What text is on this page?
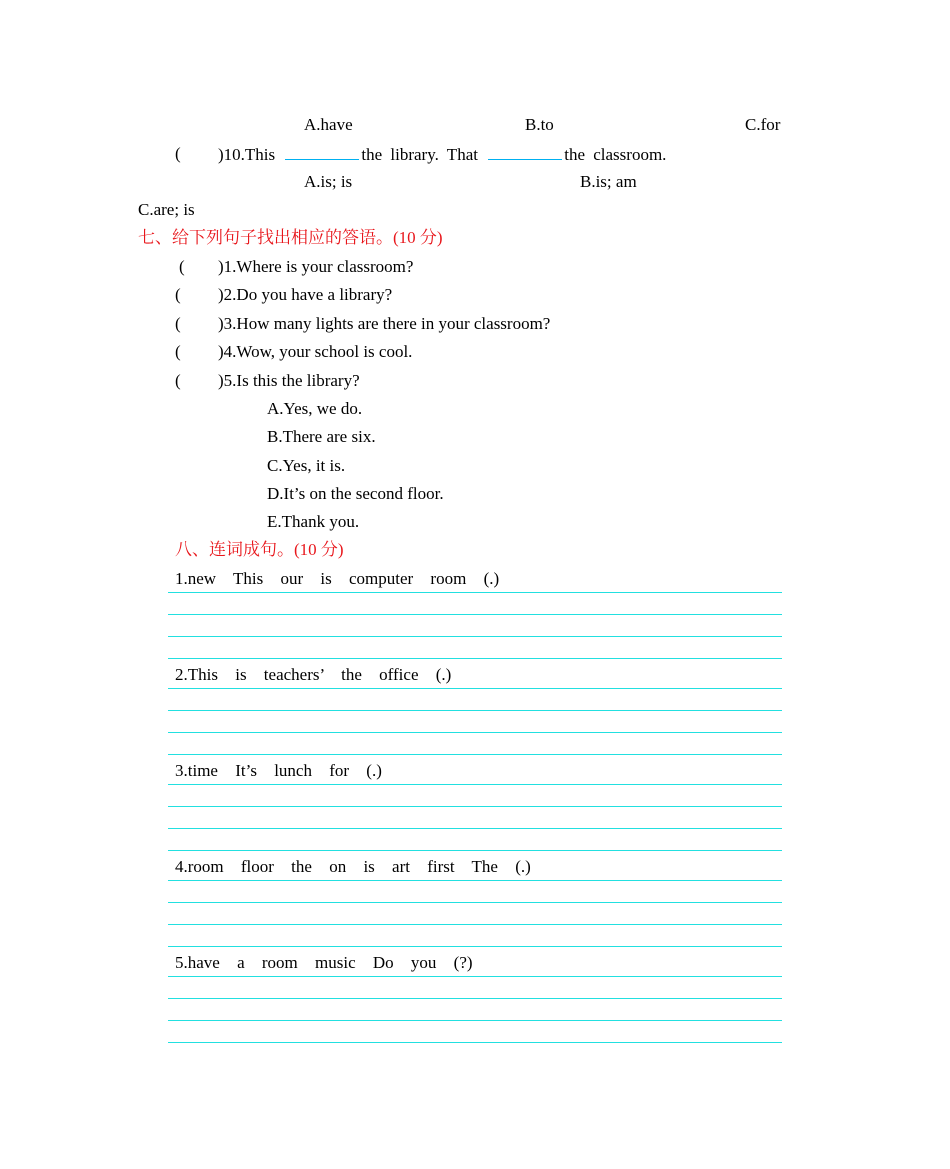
A.have	B.to	C.for
( )10.This	the library. That	the classroom.
A.is; is	B.is; am
C.are; is
七、给下列句子找出相应的答语。(10 分)
( )1.Where is your classroom?
( )2.Do you have a library?
( )3.How many lights are there in your classroom?
( )4.Wow, your school is cool.
( )5.Is this the library?
A.Yes, we do.
B.There are six.
C.Yes, it is.
D.It’s on the second floor.
E.Thank you.
八、连词成句。(10 分)
1.new This our is computer room (.)
2.This is teachers’ the office (.)
3.time It’s lunch for (.)
4.room floor the on is art first The (.)
5.have a room music Do you (?)
